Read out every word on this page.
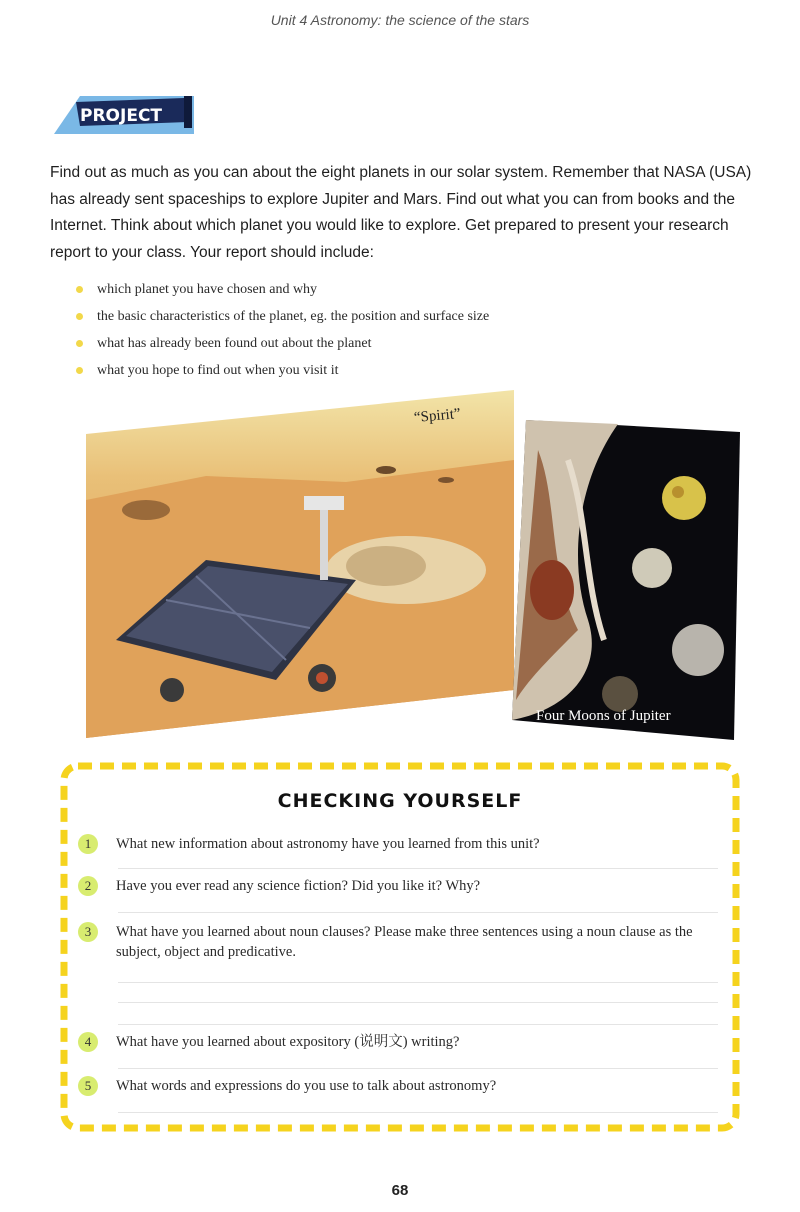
Unit 4 Astronomy: the science of the stars
PROJECT

Find out as much as you can about the eight planets in our solar system. Remember that NASA (USA) has already sent spaceships to explore Jupiter and Mars. Find out what you can from books and the Internet. Think about which planet you would like to explore. Get prepared to present your research report to your class. Your report should include:

which planet you have chosen and why
the basic characteristics of the planet, eg. the position and surface size
what has already been found out about the planet
what you hope to find out when you visit it
“Spirit”
Four Moons of Jupiter
CHECKING YOURSELF
1	What new information about astronomy have you learned from this unit?
2	Have you ever read any science fiction? Did you like it? Why?
3	What have you learned about noun clauses? Please make three sentences using a noun clause as the subject, object and predicative.
4	What have you learned about expository (说明文) writing?
5	What words and expressions do you use to talk about astronomy?
68
